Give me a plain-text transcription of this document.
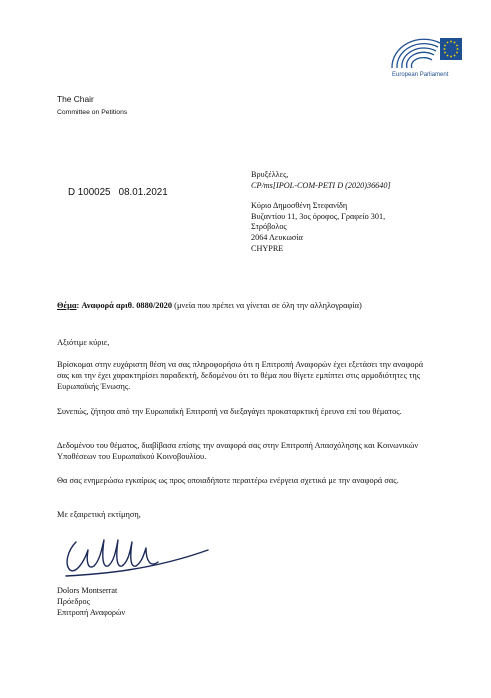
European Parliament
The Chair
Committee on Petitions
D 100025   08.01.2021
Βρυξέλλες,
CP/ms[IPOL-COM-PETI D (2020)36640]
Κύριο Δημοσθένη Στεφανίδη
Βυζαντίου 11, 3ος όροφος, Γραφείο 301,
Στρόβολος
2064 Λευκωσία
CHYPRE
Θέμα: Αναφορά αριθ. 0880/2020 (μνεία που πρέπει να γίνεται σε όλη την αλληλογραφία)
Αξιότιμε κύριε,
Βρίσκομαι στην ευχάριστη θέση να σας πληροφορήσω ότι η Επιτροπή Αναφορών έχει εξετάσει την αναφορά σας και την έχει χαρακτηρίσει παραδεκτή, δεδομένου ότι το θέμα που θίγετε εμπίπτει στις αρμοδιότητες της Ευρωπαϊκής Ένωσης.
Συνεπώς, ζήτησα από την Ευρωπαϊκή Επιτροπή να διεξαγάγει προκαταρκτική έρευνα επί του θέματος.
Δεδομένου του θέματος, διαβίβασα επίσης την αναφορά σας στην Επιτροπή Απασχόλησης και Κοινωνικών Υποθέσεων του Ευρωπαϊκού Κοινοβουλίου.
Θα σας ενημερώσω εγκαίρως ως προς οποιαδήποτε περαιτέρω ενέργεια σχετικά με την αναφορά σας.
Με εξαιρετική εκτίμηση,
Dolors Montserrat
Πρόεδρος
Επιτροπή Αναφορών
